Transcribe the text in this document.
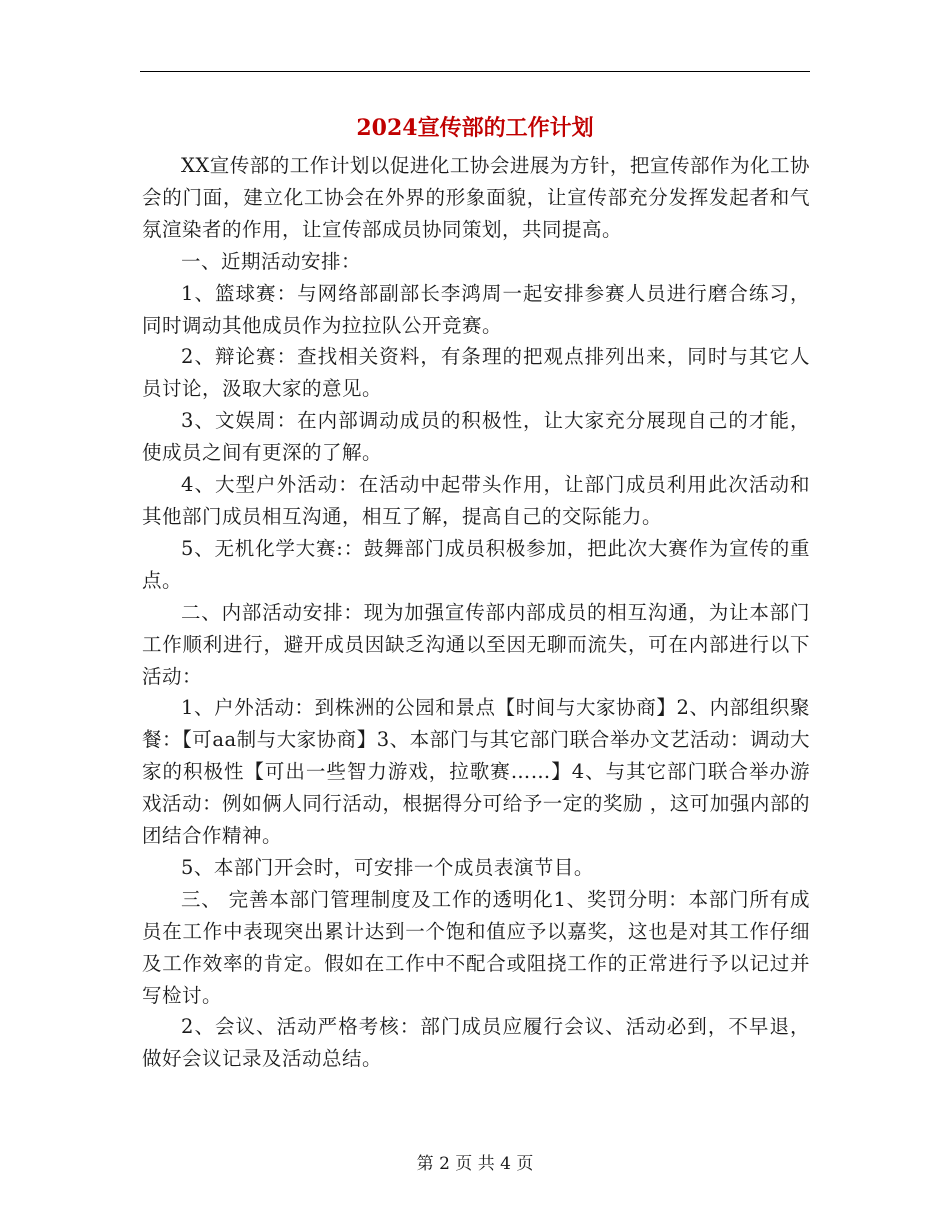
2024宣传部的工作计划

XX宣传部的工作计划以促进化工协会进展为方针，把宣传部作为化工协会的门面，建立化工协会在外界的形象面貌，让宣传部充分发挥发起者和气氛渲染者的作用，让宣传部成员协同策划，共同提高。

一、近期活动安排：

1、篮球赛：与网络部副部长李鸿周一起安排参赛人员进行磨合练习，同时调动其他成员作为拉拉队公开竞赛。

2、辩论赛：查找相关资料，有条理的把观点排列出来，同时与其它人员讨论，汲取大家的意见。

3、文娱周：在内部调动成员的积极性，让大家充分展现自己的才能，使成员之间有更深的了解。

4、大型户外活动：在活动中起带头作用，让部门成员利用此次活动和其他部门成员相互沟通，相互了解，提高自己的交际能力。

5、无机化学大赛:：鼓舞部门成员积极参加，把此次大赛作为宣传的重点。

二、内部活动安排：现为加强宣传部内部成员的相互沟通，为让本部门工作顺利进行，避开成员因缺乏沟通以至因无聊而流失，可在内部进行以下活动：

1、户外活动：到株洲的公园和景点【时间与大家协商】2、内部组织聚餐：【可aa制与大家协商】3、本部门与其它部门联合举办文艺活动：调动大家的积极性【可出一些智力游戏，拉歌赛……】4、与其它部门联合举办游戏活动：例如俩人同行活动，根据得分可给予一定的奖励 ，这可加强内部的团结合作精神。

5、本部门开会时，可安排一个成员表演节目。

三、 完善本部门管理制度及工作的透明化1、奖罚分明：本部门所有成员在工作中表现突出累计达到一个饱和值应予以嘉奖，这也是对其工作仔细及工作效率的肯定。假如在工作中不配合或阻挠工作的正常进行予以记过并写检讨。

2、会议、活动严格考核：部门成员应履行会议、活动必到，不早退，做好会议记录及活动总结。

第 2 页 共 4 页
